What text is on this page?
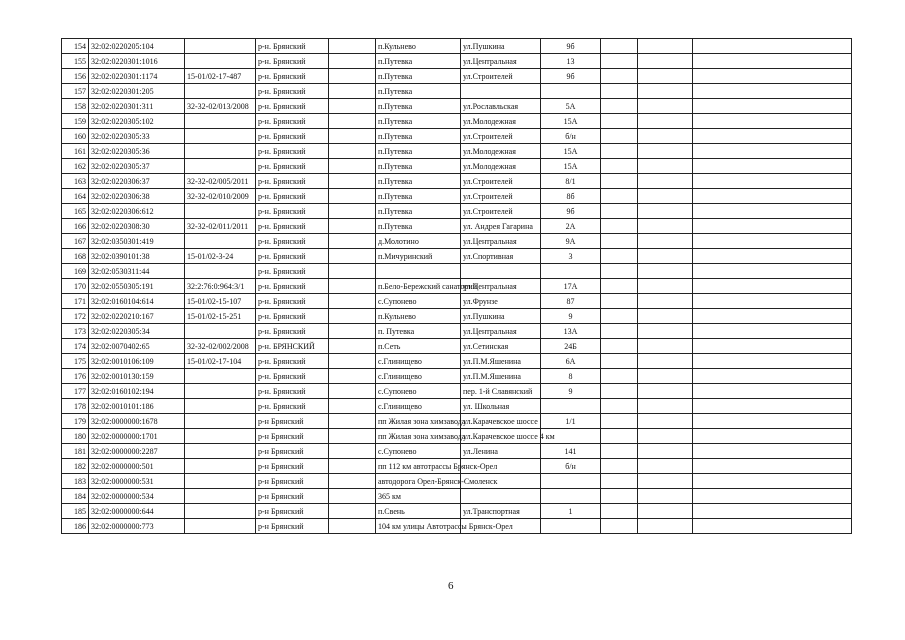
154	32:02:0220205:104		р-н. Брянский		п.Кульнево	ул.Пушкина	9б			
155	32:02:0220301:1016		р-н. Брянский		п.Путевка	ул.Центральная	13			
156	32:02:0220301:1174	15-01/02-17-487	р-н. Брянский		п.Путевка	ул.Строителей	9б			
157	32:02:0220301:205		р-н. Брянский		п.Путевка					
158	32:02:0220301:311	32-32-02/013/2008	р-н. Брянский		п.Путевка	ул.Рославльская	5А			
159	32:02:0220305:102		р-н. Брянский		п.Путевка	ул.Молодежная	15А			
160	32:02:0220305:33		р-н. Брянский		п.Путевка	ул.Строителей	б/н			
161	32:02:0220305:36		р-н. Брянский		п.Путевка	ул.Молодежная	15А			
162	32:02:0220305:37		р-н. Брянский		п.Путевка	ул.Молодежная	15А			
163	32:02:0220306:37	32-32-02/005/2011	р-н. Брянский		п.Путевка	ул.Строителей	8/1			
164	32:02:0220306:38	32-32-02/010/2009	р-н. Брянский		п.Путевка	ул.Строителей	8б			
165	32:02:0220306:612		р-н. Брянский		п.Путевка	ул.Строителей	9б			
166	32:02:0220308:30	32-32-02/011/2011	р-н. Брянский		п.Путевка	ул. Андрея Гагарина	2А			
167	32:02:0350301:419		р-н. Брянский		д.Молотино	ул.Центральная	9А			
168	32:02:0390101:38	15-01/02-3-24	р-н. Брянский		п.Мичуринский	ул.Спортивная	3			
169	32:02:0530311:44		р-н. Брянский							
170	32:02:0550305:191	32:2:76:0:964:3/1	р-н. Брянский		п.Бело-Бережский санаторий	ул.Центральная	17А			
171	32:02:0160104:614	15-01/02-15-107	р-н. Брянский		с.Супонево	ул.Фрунзе	87			
172	32:02:0220210:167	15-01/02-15-251	р-н. Брянский		п.Кульнево	ул.Пушкина	9			
173	32:02:0220305:34		р-н. Брянский		п. Путевка	ул.Центральная	13А			
174	32:02:0070402:65	32-32-02/002/2008	р-н. БРЯНСКИЙ		п.Сеть	ул.Сетинская	24Б			
175	32:02:0010106:109	15-01/02-17-104	р-н. Брянский		с.Глинищево	ул.П.М.Яшенина	6А			
176	32:02:0010130:159		р-н. Брянский		с.Глинищево	ул.П.М.Яшенина	8			
177	32:02:0160102:194		р-н. Брянский		с.Супонево	пер. 1-й Славянский	9			
178	32:02:0010101:186		р-н. Брянский		с.Глинищево	ул. Школьная				
179	32:02:0000000:1678		р-н Брянский		пп Жилая зона химзавода	ул.Карачевское шоссе	1/1			
180	32:02:0000000:1701		р-н Брянский		пп Жилая зона химзавода	ул.Карачевское шоссе 4 км				
181	32:02:0000000:2287		р-н Брянский		с.Супонево	ул.Ленина	141			
182	32:02:0000000:501		р-н Брянский		пп 112 км автотрассы Брянск-Орел		б/н			
183	32:02:0000000:531		р-н Брянский		автодорога Орел-Брянск-Смоленск					
184	32:02:0000000:534		р-н Брянский		365 км					
185	32:02:0000000:644		р-н Брянский		п.Свень	ул.Транспортная	1			
186	32:02:0000000:773		р-н Брянский		104 км улицы Автотрассы Брянск-Орел					
6
